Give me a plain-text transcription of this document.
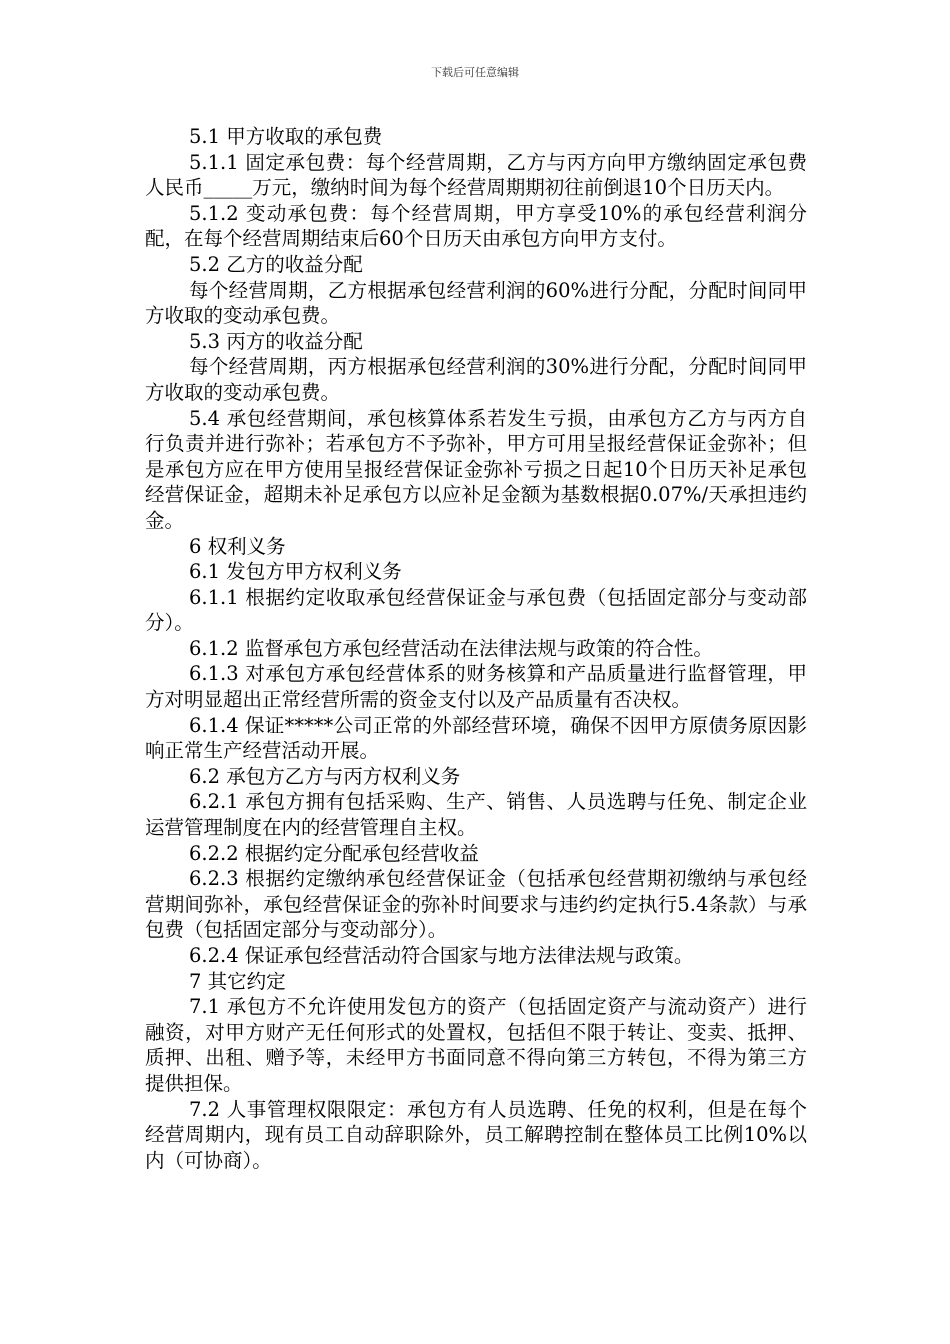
下载后可任意编辑

5.1 甲方收取的承包费

5.1.1 固定承包费：每个经营周期，乙方与丙方向甲方缴纳固定承包费人民币_____万元，缴纳时间为每个经营周期期初往前倒退10个日历天内。

5.1.2 变动承包费：每个经营周期，甲方享受10%的承包经营利润分配，在每个经营周期结束后60个日历天由承包方向甲方支付。

5.2 乙方的收益分配

每个经营周期，乙方根据承包经营利润的60%进行分配，分配时间同甲方收取的变动承包费。

5.3 丙方的收益分配

每个经营周期，丙方根据承包经营利润的30%进行分配，分配时间同甲方收取的变动承包费。

5.4 承包经营期间，承包核算体系若发生亏损，由承包方乙方与丙方自行负责并进行弥补；若承包方不予弥补，甲方可用呈报经营保证金弥补；但是承包方应在甲方使用呈报经营保证金弥补亏损之日起10个日历天补足承包经营保证金，超期未补足承包方以应补足金额为基数根据0.07%/天承担违约金。

6 权利义务

6.1 发包方甲方权利义务

6.1.1 根据约定收取承包经营保证金与承包费（包括固定部分与变动部分）。

6.1.2 监督承包方承包经营活动在法律法规与政策的符合性。

6.1.3 对承包方承包经营体系的财务核算和产品质量进行监督管理，甲方对明显超出正常经营所需的资金支付以及产品质量有否决权。

6.1.4 保证*****公司正常的外部经营环境，确保不因甲方原债务原因影响正常生产经营活动开展。

6.2 承包方乙方与丙方权利义务

6.2.1 承包方拥有包括采购、生产、销售、人员选聘与任免、制定企业运营管理制度在内的经营管理自主权。

6.2.2 根据约定分配承包经营收益

6.2.3 根据约定缴纳承包经营保证金（包括承包经营期初缴纳与承包经营期间弥补，承包经营保证金的弥补时间要求与违约约定执行5.4条款）与承包费（包括固定部分与变动部分）。

6.2.4 保证承包经营活动符合国家与地方法律法规与政策。

7 其它约定

7.1 承包方不允许使用发包方的资产（包括固定资产与流动资产）进行融资，对甲方财产无任何形式的处置权，包括但不限于转让、变卖、抵押、质押、出租、赠予等，未经甲方书面同意不得向第三方转包，不得为第三方提供担保。

7.2 人事管理权限限定：承包方有人员选聘、任免的权利，但是在每个经营周期内，现有员工自动辞职除外，员工解聘控制在整体员工比例10%以内（可协商）。
